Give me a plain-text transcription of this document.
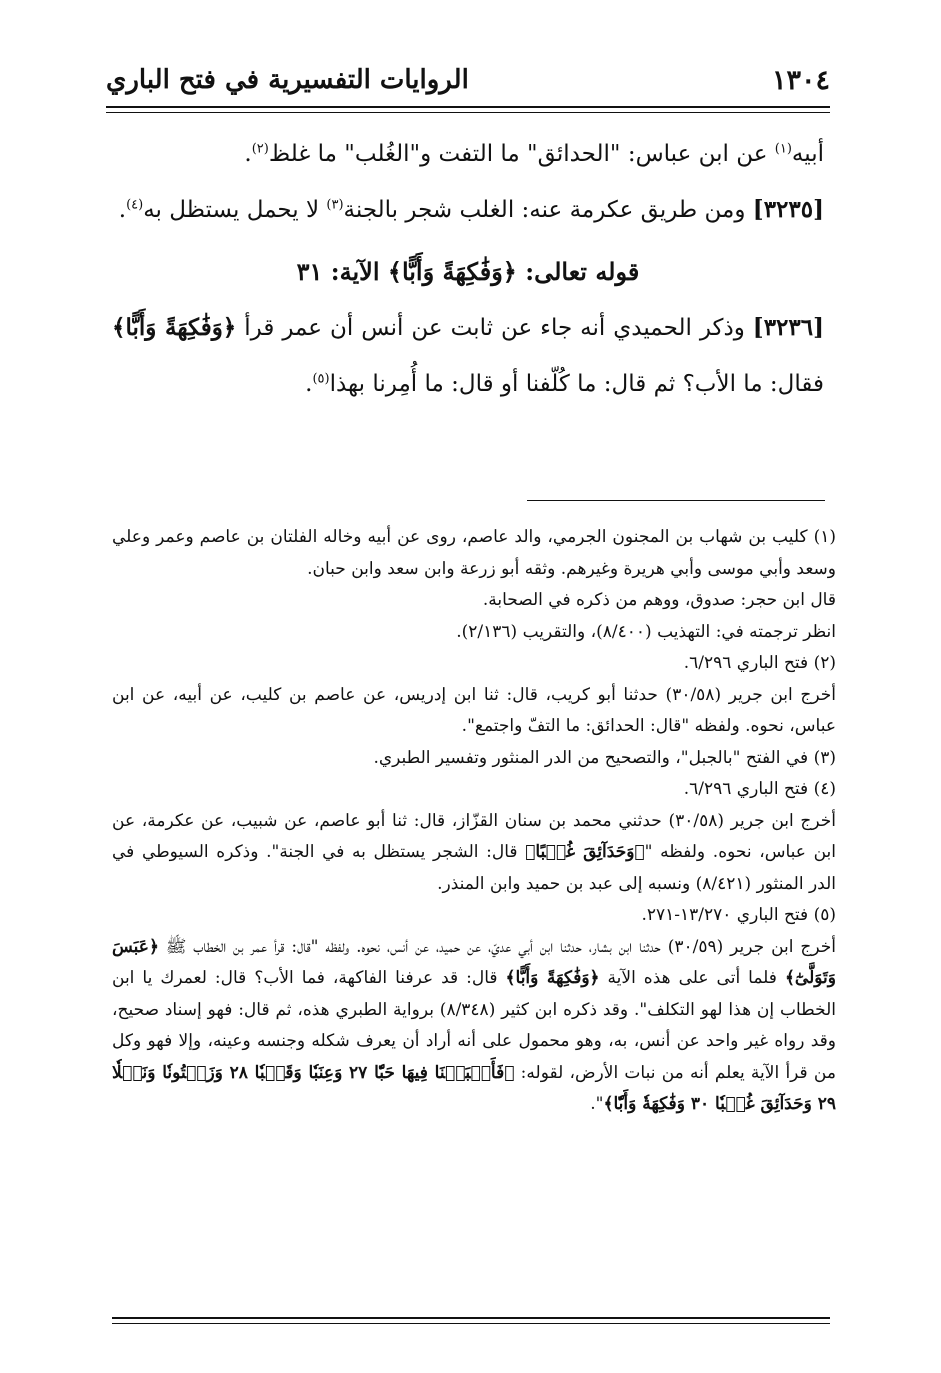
١٣٠٤
الروايات التفسيرية في فتح الباري

أبيه$^{(١)}$ عن ابن عباس: "الحدائق" ما التفت و"الغُلب" ما غلظ$^{(٢)}$.

[٣٢٣٥] ومن طريق عكرمة عنه: الغلب شجر بالجنة$^{(٣)}$ لا يحمل يستظل به$^{(٤)}$.

قوله تعالى: ﴿وَفَٰكِهَةً وَأَبًّا﴾ الآية: ٣١

[٣٢٣٦] وذكر الحميدي أنه جاء عن ثابت عن أنس أن عمر قرأ ﴿وَفَٰكِهَةً وَأَبًّا﴾ فقال: ما الأب؟ ثم قال: ما كُلّفنا أو قال: ما أُمِرنا بهذا$^{(٥)}$.

(١) كليب بن شهاب بن المجنون الجرمي، والد عاصم، روى عن أبيه وخاله الفلتان بن عاصم وعمر وعلي وسعد وأبي موسى وأبي هريرة وغيرهم. وثقه أبو زرعة وابن سعد وابن حبان.

قال ابن حجر: صدوق، ووهم من ذكره في الصحابة.

انظر ترجمته في: التهذيب (٨/٤٠٠)، والتقريب (٢/١٣٦).

(٢) فتح الباري ٦/٢٩٦.

أخرج ابن جرير (٣٠/٥٨) حدثنا أبو كريب، قال: ثنا ابن إدريس، عن عاصم بن كليب، عن أبيه، عن ابن عباس، نحوه. ولفظه "قال: الحدائق: ما التفّ واجتمع".

(٣) في الفتح "بالجبل"، والتصحيح من الدر المنثور وتفسير الطبري.

(٤) فتح الباري ٦/٢٩٦.

أخرج ابن جرير (٣٠/٥٨) حدثني محمد بن سنان القزّاز، قال: ثنا أبو عاصم، عن شبيب، عن عكرمة، عن ابن عباس، نحوه. ولفظه "﴿وَحَدَآئِقَ غُلۡبًا﴾ قال: الشجر يستظل به في الجنة". وذكره السيوطي في الدر المنثور (٨/٤٢١) ونسبه إلى عبد بن حميد وابن المنذر.

(٥) فتح الباري ١٣/٢٧٠-٢٧١.

أخرج ابن جرير (٣٠/٥٩) حدثنا ابن بشار، حدثنا ابن أبي عديّ، عن حميد، عن أنس، نحوه. ولفظه "قال: قرأ عمر بن الخطاب ﷺ ﴿عَبَسَ وَتَوَلَّىٰٓ﴾ فلما أتى على هذه الآية ﴿وَفَٰكِهَةً وَأَبًّا﴾ قال: قد عرفنا الفاكهة، فما الأب؟ قال: لعمرك يا ابن الخطاب إن هذا لهو التكلف". وقد ذكره ابن كثير (٨/٣٤٨) برواية الطبري هذه، ثم قال: فهو إسناد صحيح، وقد رواه غير واحد عن أنس، به، وهو محمول على أنه أراد أن يعرف شكله وجنسه وعينه، وإلا فهو وكل من قرأ الآية يعلم أنه من نبات الأرض، لقوله: ﴿فَأَنۢبَتۡنَا فِيهَا حَبّٗا ٢٧ وَعِنَبٗا وَقَضۡبٗا ٢٨ وَزَيۡتُونٗا وَنَخۡلٗا ٢٩ وَحَدَآئِقَ غُلۡبٗا ٣٠ وَفَٰكِهَةٗ وَأَبّٗا﴾".
